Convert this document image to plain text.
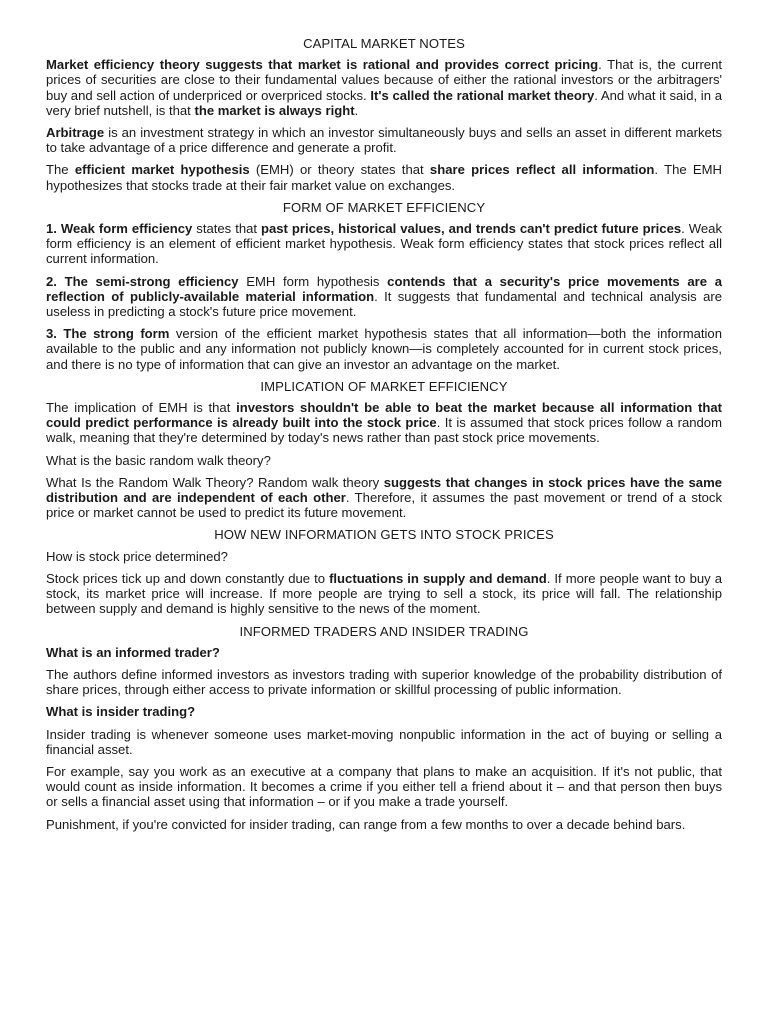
CAPITAL MARKET NOTES

Market efficiency theory suggests that market is rational and provides correct pricing. That is, the current prices of securities are close to their fundamental values because of either the rational investors or the arbitragers' buy and sell action of underpriced or overpriced stocks. It's called the rational market theory. And what it said, in a very brief nutshell, is that the market is always right.

Arbitrage is an investment strategy in which an investor simultaneously buys and sells an asset in different markets to take advantage of a price difference and generate a profit.

The efficient market hypothesis (EMH) or theory states that share prices reflect all information. The EMH hypothesizes that stocks trade at their fair market value on exchanges.

FORM OF MARKET EFFICIENCY

1. Weak form efficiency states that past prices, historical values, and trends can't predict future prices. Weak form efficiency is an element of efficient market hypothesis. Weak form efficiency states that stock prices reflect all current information.

2. The semi-strong efficiency EMH form hypothesis contends that a security's price movements are a reflection of publicly-available material information. It suggests that fundamental and technical analysis are useless in predicting a stock's future price movement.

3. The strong form version of the efficient market hypothesis states that all information—both the information available to the public and any information not publicly known—is completely accounted for in current stock prices, and there is no type of information that can give an investor an advantage on the market.

IMPLICATION OF MARKET EFFICIENCY

The implication of EMH is that investors shouldn't be able to beat the market because all information that could predict performance is already built into the stock price. It is assumed that stock prices follow a random walk, meaning that they're determined by today's news rather than past stock price movements.

What is the basic random walk theory?

What Is the Random Walk Theory? Random walk theory suggests that changes in stock prices have the same distribution and are independent of each other. Therefore, it assumes the past movement or trend of a stock price or market cannot be used to predict its future movement.

HOW NEW INFORMATION GETS INTO STOCK PRICES

How is stock price determined?

Stock prices tick up and down constantly due to fluctuations in supply and demand. If more people want to buy a stock, its market price will increase. If more people are trying to sell a stock, its price will fall. The relationship between supply and demand is highly sensitive to the news of the moment.

INFORMED TRADERS AND INSIDER TRADING

What is an informed trader?

The authors define informed investors as investors trading with superior knowledge of the probability distribution of share prices, through either access to private information or skillful processing of public information.

What is insider trading?

Insider trading is whenever someone uses market-moving nonpublic information in the act of buying or selling a financial asset.

For example, say you work as an executive at a company that plans to make an acquisition. If it's not public, that would count as inside information. It becomes a crime if you either tell a friend about it – and that person then buys or sells a financial asset using that information – or if you make a trade yourself.

Punishment, if you're convicted for insider trading, can range from a few months to over a decade behind bars.
